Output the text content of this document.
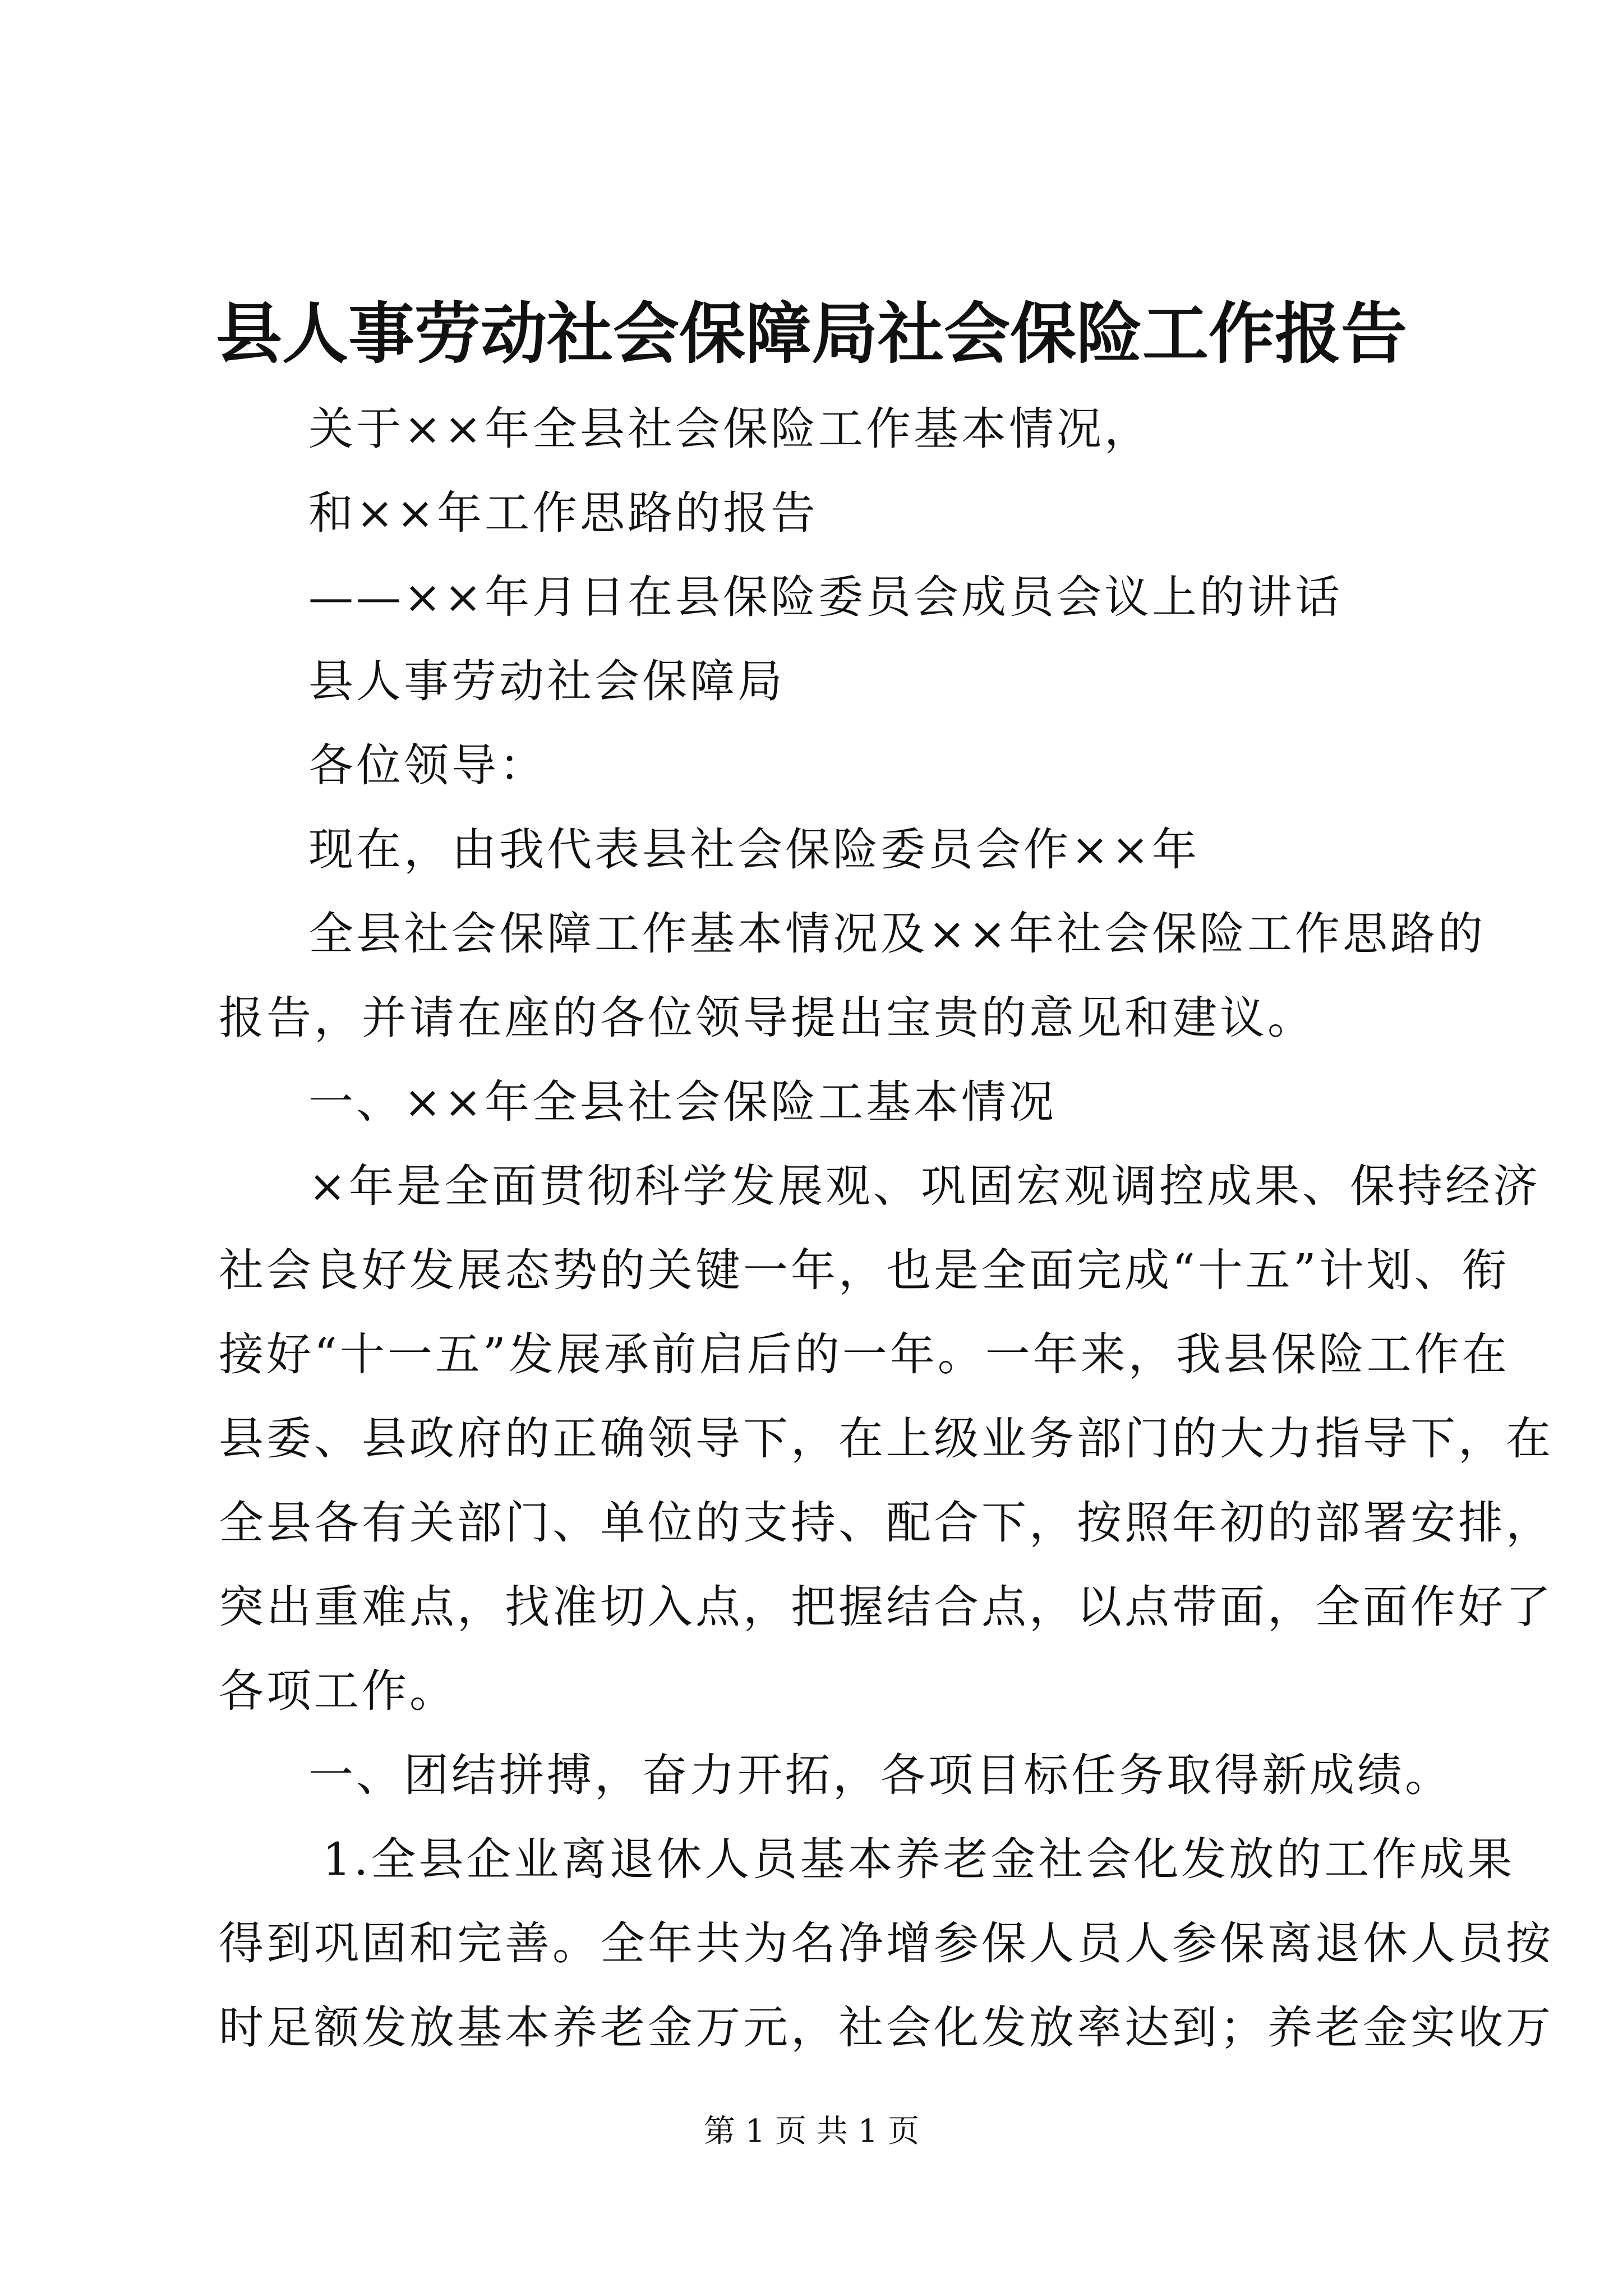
县人事劳动社会保障局社会保险工作报告
关于××年全县社会保险工作基本情况，
和××年工作思路的报告
——××年月日在县保险委员会成员会议上的讲话
县人事劳动社会保障局
各位领导：
现在，由我代表县社会保险委员会作××年
全县社会保障工作基本情况及××年社会保险工作思路的
报告，并请在座的各位领导提出宝贵的意见和建议。
一、××年全县社会保险工基本情况
×年是全面贯彻科学发展观、巩固宏观调控成果、保持经济
社会良好发展态势的关键一年，也是全面完成“十五”计划、衔
接好“十一五”发展承前启后的一年。一年来，我县保险工作在
县委、县政府的正确领导下，在上级业务部门的大力指导下，在
全县各有关部门、单位的支持、配合下，按照年初的部署安排，
突出重难点，找准切入点，把握结合点，以点带面，全面作好了
各项工作。
一、团结拼搏，奋力开拓，各项目标任务取得新成绩。
1.全县企业离退休人员基本养老金社会化发放的工作成果
得到巩固和完善。全年共为名净增参保人员人参保离退休人员按
时足额发放基本养老金万元，社会化发放率达到；养老金实收万
第 1 页 共 1 页
